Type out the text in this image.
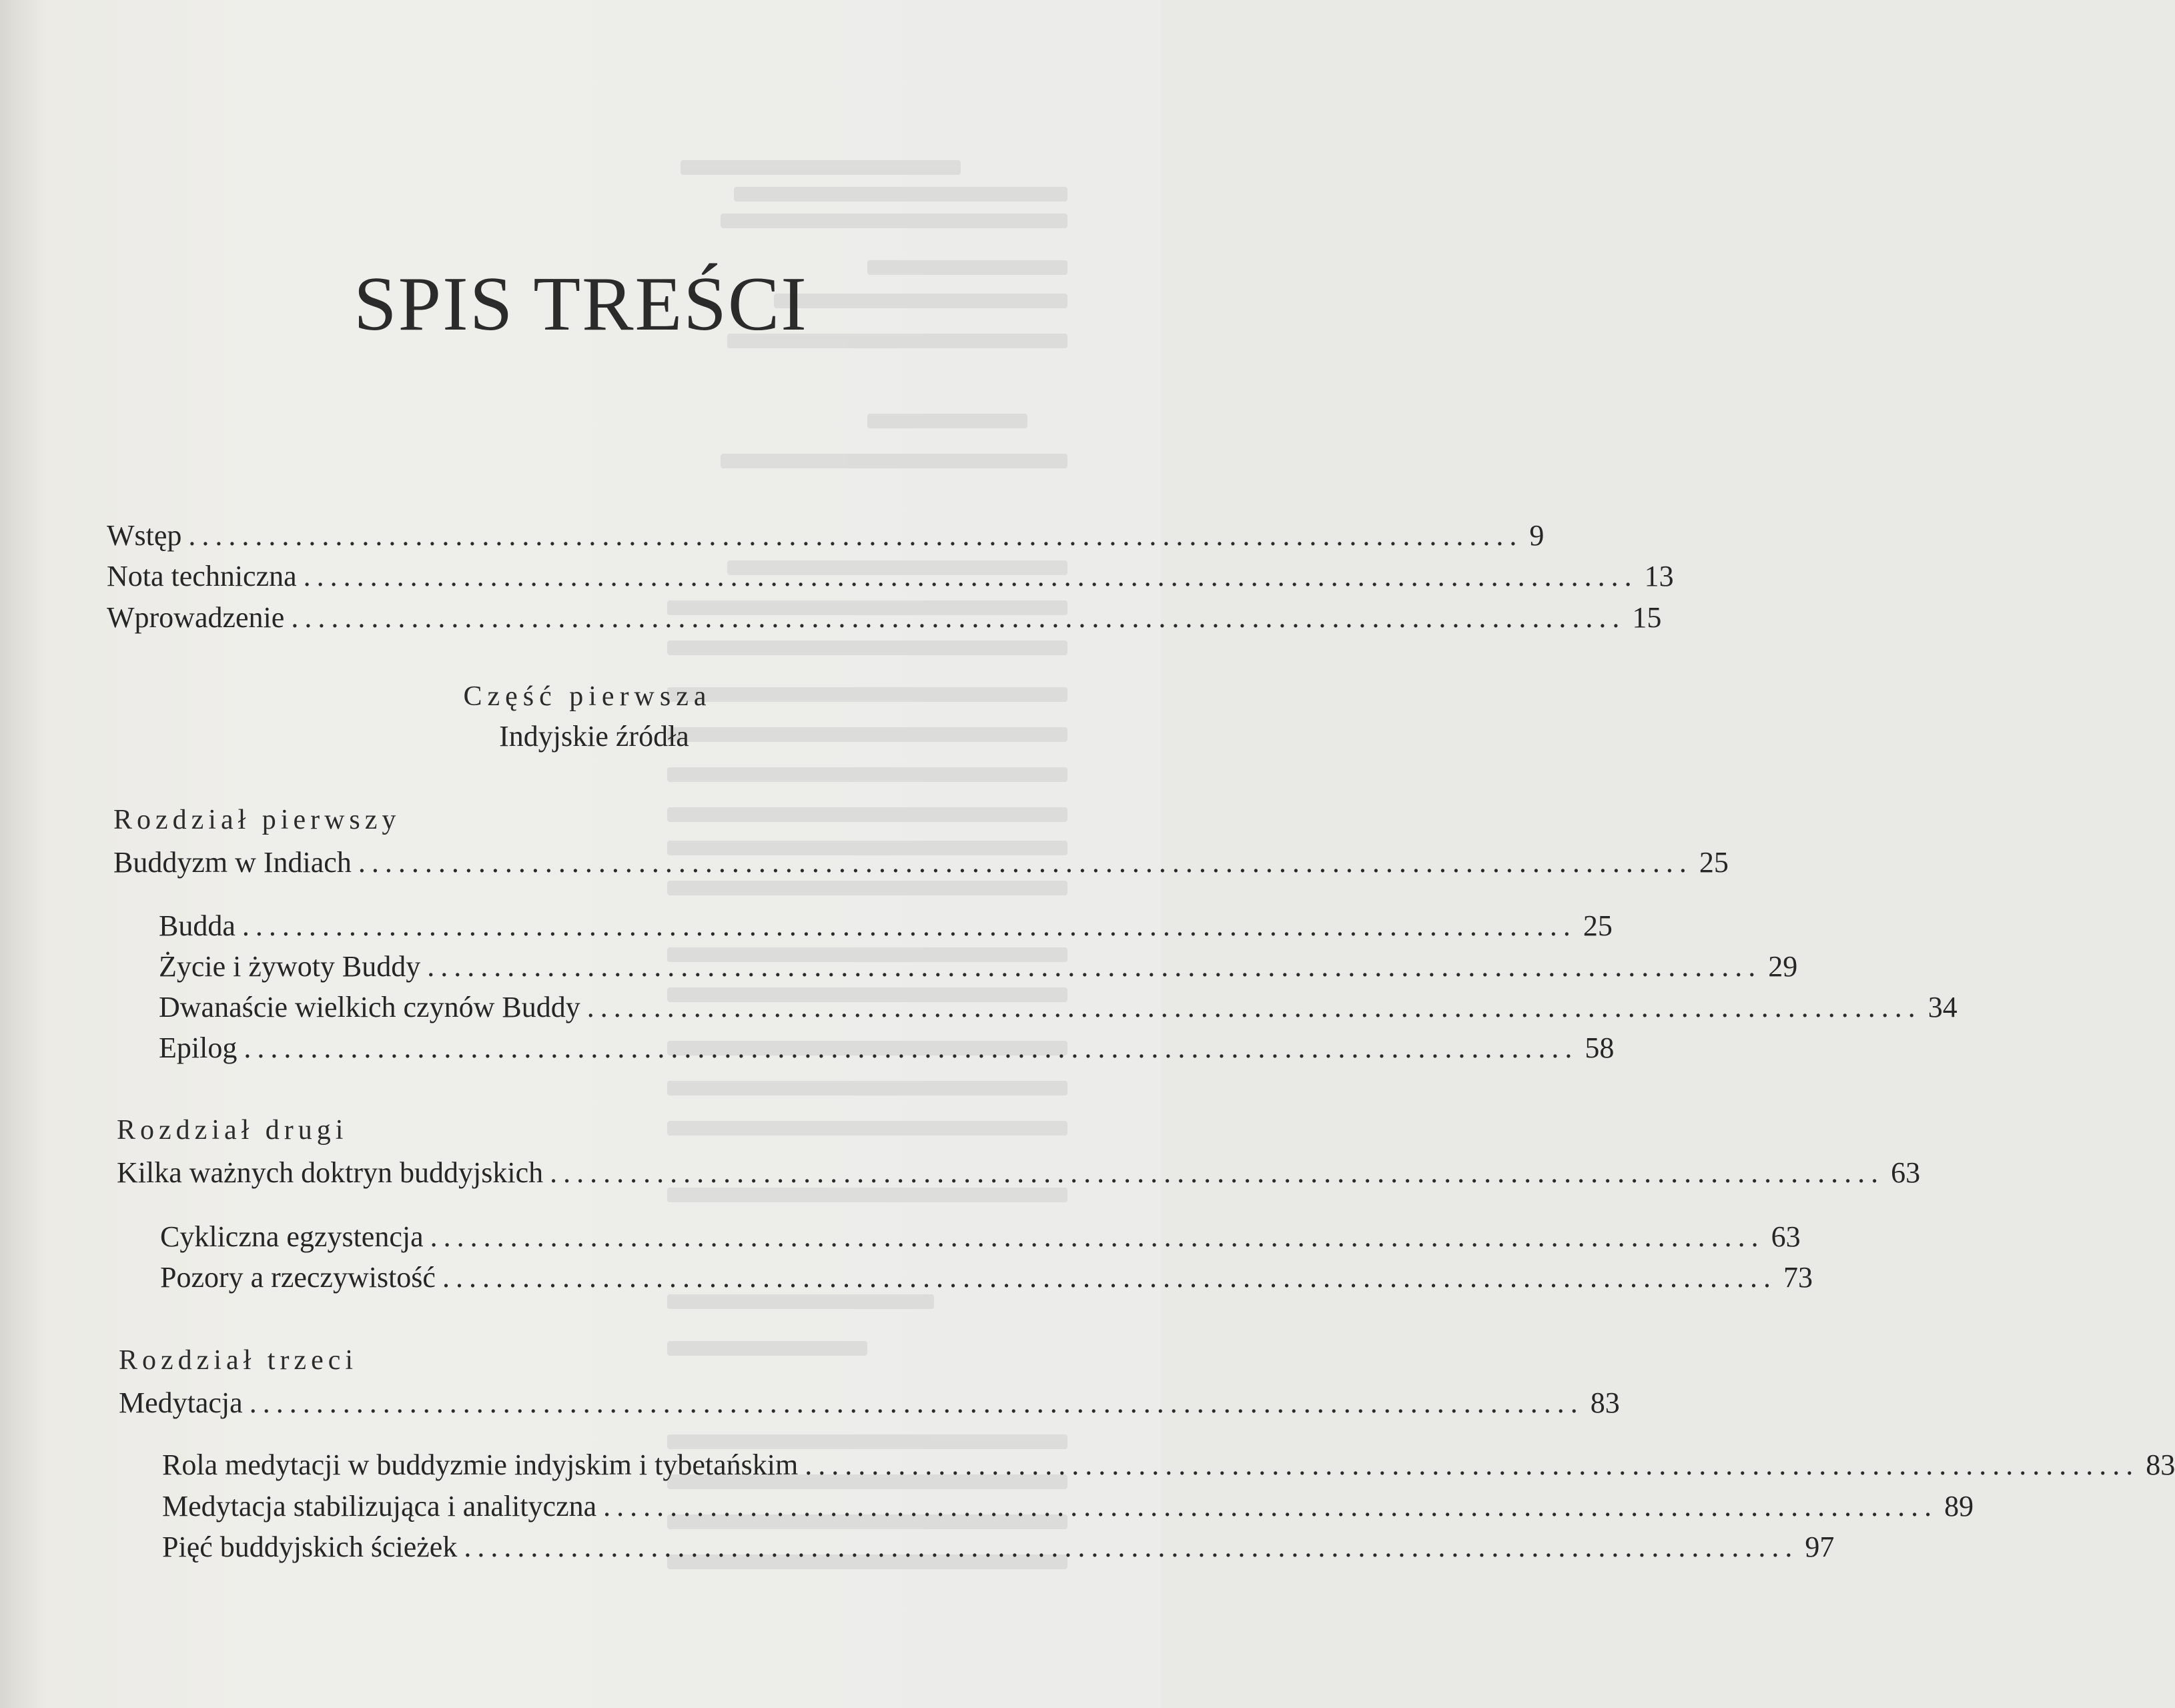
SPIS TREŚCI
Wstęp .................................................................................................... 9
Nota techniczna .................................................................................................... 13
Wprowadzenie .................................................................................................... 15
Część pierwsza
Indyjskie źródła
Rozdział pierwszy
Buddyzm w Indiach .................................................................................................... 25
Budda .................................................................................................... 25
Życie i żywoty Buddy .................................................................................................... 29
Dwanaście wielkich czynów Buddy .................................................................................................... 34
Epilog .................................................................................................... 58
Rozdział drugi
Kilka ważnych doktryn buddyjskich .................................................................................................... 63
Cykliczna egzystencja .................................................................................................... 63
Pozory a rzeczywistość .................................................................................................... 73
Rozdział trzeci
Medytacja .................................................................................................... 83
Rola medytacji w buddyzmie indyjskim i tybetańskim .................................................................................................... 83
Medytacja stabilizująca i analityczna .................................................................................................... 89
Pięć buddyjskich ścieżek .................................................................................................... 97
